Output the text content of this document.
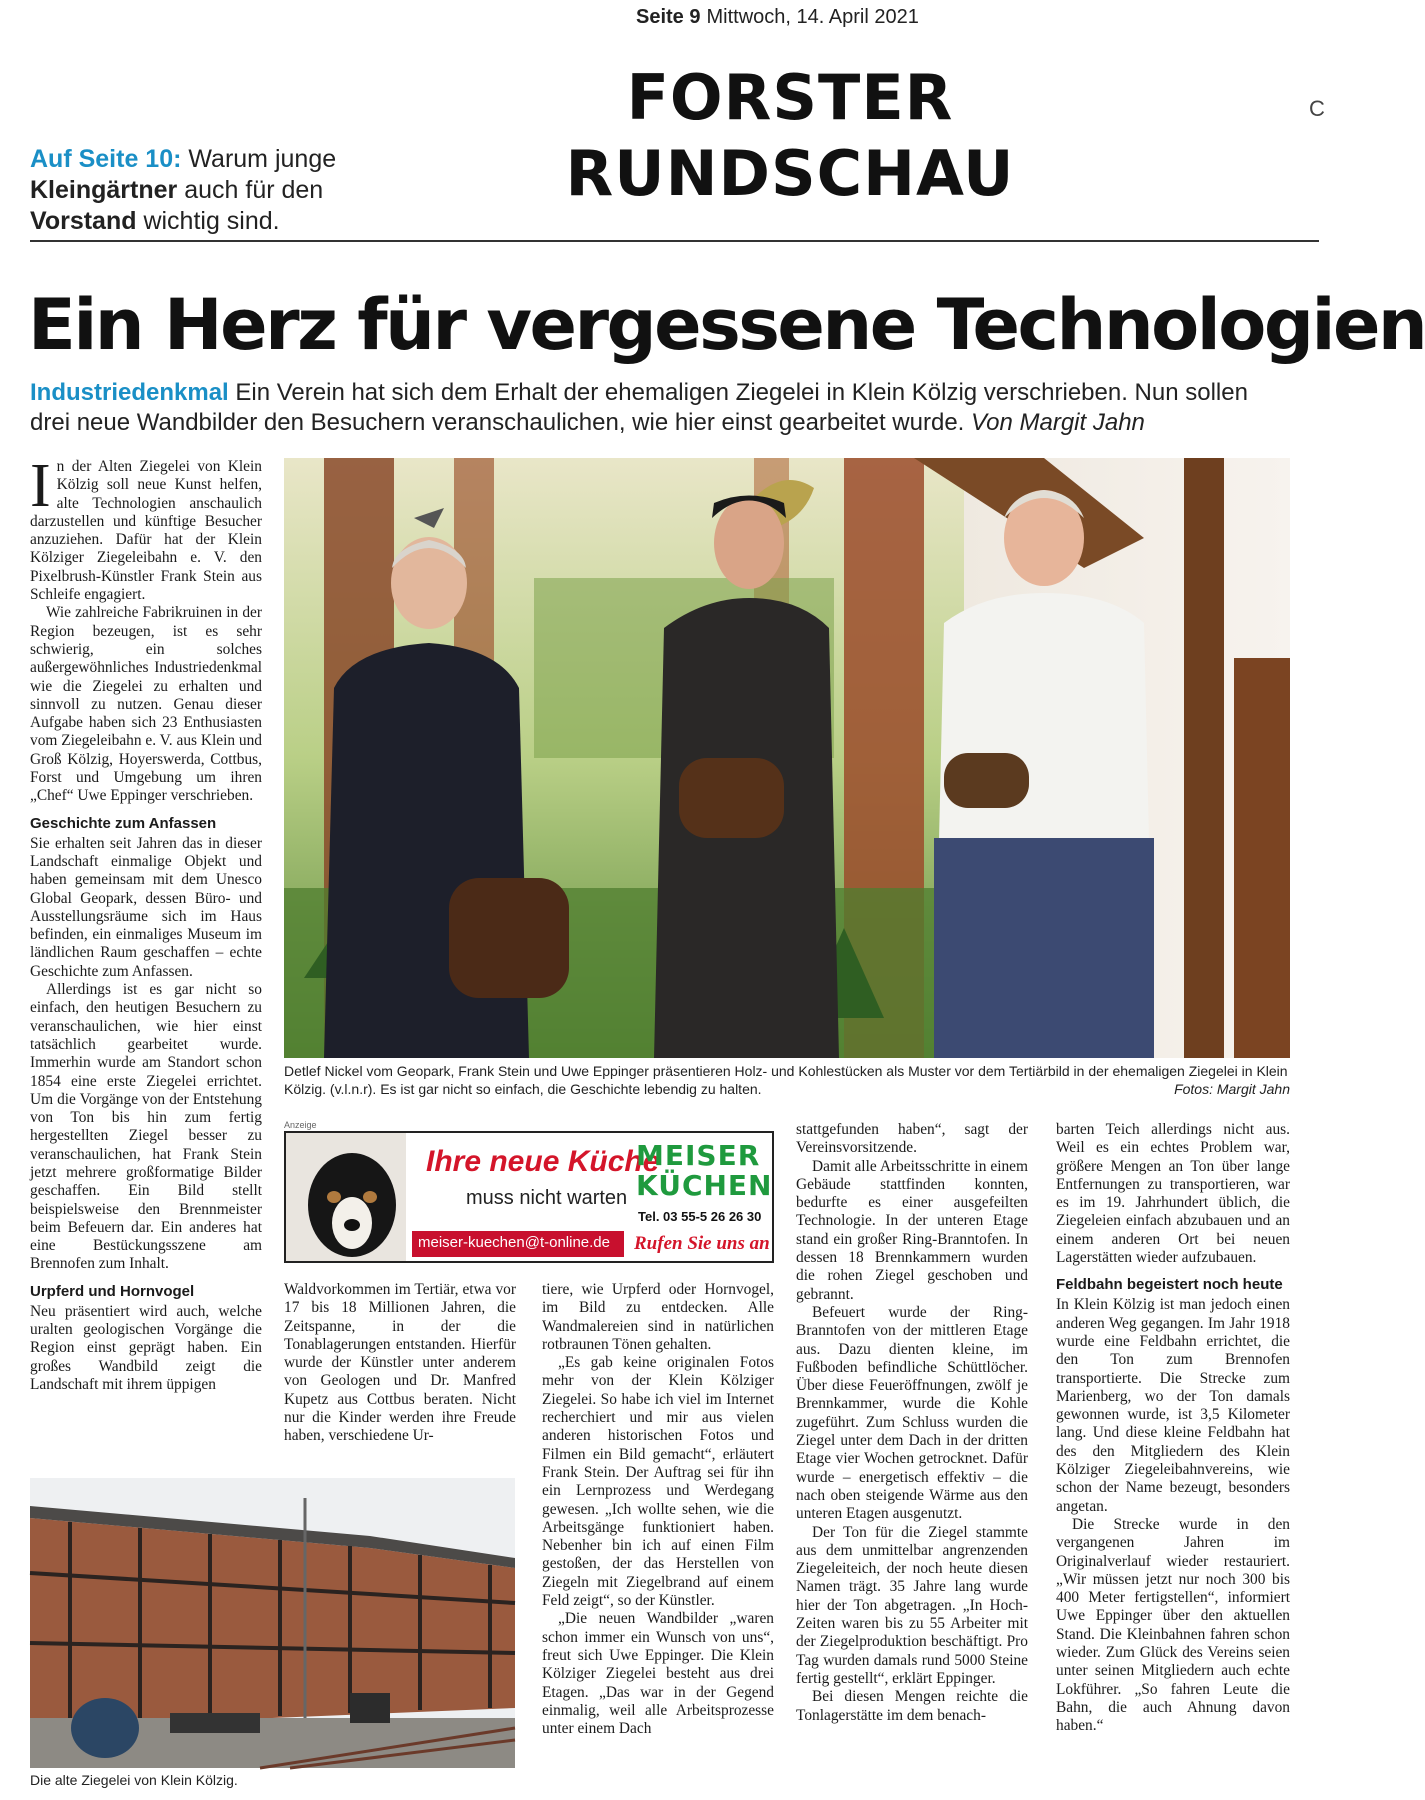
Seite 9 Mittwoch, 14. April 2021
FORSTER
RUNDSCHAU
C
Auf Seite 10: Warum junge Kleingärtner auch für den Vorstand wichtig sind.
Ein Herz für vergessene Technologien
Industriedenkmal Ein Verein hat sich dem Erhalt der ehemaligen Ziegelei in Klein Kölzig verschrieben. Nun sollen drei neue Wandbilder den Besuchern veranschaulichen, wie hier einst gearbeitet wurde. Von Margit Jahn

In der Alten Ziegelei von Klein Kölzig soll neue Kunst helfen, alte Technologien anschaulich darzustellen und künftige Besucher anzuziehen. Dafür hat der Klein Kölziger Ziegeleibahn e. V. den Pixelbrush-Künstler Frank Stein aus Schleife engagiert.

Wie zahlreiche Fabrikruinen in der Region bezeugen, ist es sehr schwierig, ein solches außergewöhnliches Industriedenkmal wie die Ziegelei zu erhalten und sinnvoll zu nutzen. Genau dieser Aufgabe haben sich 23 Enthusiasten vom Ziegeleibahn e. V. aus Klein und Groß Kölzig, Hoyerswerda, Cottbus, Forst und Umgebung um ihren „Chef“ Uwe Eppinger verschrieben.

Geschichte zum Anfassen

Sie erhalten seit Jahren das in dieser Landschaft einmalige Objekt und haben gemeinsam mit dem Unesco Global Geopark, dessen Büro- und Ausstellungsräume sich im Haus befinden, ein einmaliges Museum im ländlichen Raum geschaffen – echte Geschichte zum Anfassen.

Allerdings ist es gar nicht so einfach, den heutigen Besuchern zu veranschaulichen, wie hier einst tatsächlich gearbeitet wurde. Immerhin wurde am Standort schon 1854 eine erste Ziegelei errichtet. Um die Vorgänge von der Entstehung von Ton bis hin zum fertig hergestellten Ziegel besser zu veranschaulichen, hat Frank Stein jetzt mehrere großformatige Bilder geschaffen. Ein Bild stellt beispielsweise den Brennmeister beim Befeuern dar. Ein anderes hat eine Bestückungsszene am Brennofen zum Inhalt.

Urpferd und Hornvogel

Neu präsentiert wird auch, welche uralten geologischen Vorgänge die Region einst geprägt haben. Ein großes Wandbild zeigt die Landschaft mit ihrem üppigen

Detlef Nickel vom Geopark, Frank Stein und Uwe Eppinger präsentieren Holz- und Kohlestücken als Muster vor dem Tertiärbild in der ehemaligen Ziegelei in Klein Kölzig. (v.l.n.r). Es ist gar nicht so einfach, die Geschichte lebendig zu halten.	Fotos: Margit Jahn
Anzeige
Ihre neue Küche
muss nicht warten
MEISER
KÜCHEN
Tel. 03 55-5 26 26 30
meiser-kuechen@t-online.de Rufen Sie uns an

Waldvorkommen im Tertiär, etwa vor 17 bis 18 Millionen Jahren, die Zeitspanne, in der die Tonablagerungen entstanden. Hierfür wurde der Künstler unter anderem von Geologen und Dr. Manfred Kupetz aus Cottbus beraten. Nicht nur die Kinder werden ihre Freude haben, verschiedene Ur-

tiere, wie Urpferd oder Hornvogel, im Bild zu entdecken. Alle Wandmalereien sind in natürlichen rotbraunen Tönen gehalten.

„Es gab keine originalen Fotos mehr von der Klein Kölziger Ziegelei. So habe ich viel im Internet recherchiert und mir aus vielen anderen historischen Fotos und Filmen ein Bild gemacht“, erläutert Frank Stein. Der Auftrag sei für ihn ein Lernprozess und Werdegang gewesen. „Ich wollte sehen, wie die Arbeitsgänge funktioniert haben. Nebenher bin ich auf einen Film gestoßen, der das Herstellen von Ziegeln mit Ziegelbrand auf einem Feld zeigt“, so der Künstler.

„Die neuen Wandbilder „waren schon immer ein Wunsch von uns“, freut sich Uwe Eppinger. Die Klein Kölziger Ziegelei besteht aus drei Etagen. „Das war in der Gegend einmalig, weil alle Arbeitsprozesse unter einem Dach

stattgefunden haben“, sagt der Vereinsvorsitzende.

Damit alle Arbeitsschritte in einem Gebäude stattfinden konnten, bedurfte es einer ausgefeilten Technologie. In der unteren Etage stand ein großer Ring-Branntofen. In dessen 18 Brennkammern wurden die rohen Ziegel geschoben und gebrannt.

Befeuert wurde der Ring-Branntofen von der mittleren Etage aus. Dazu dienten kleine, im Fußboden befindliche Schüttlöcher. Über diese Feueröffnungen, zwölf je Brennkammer, wurde die Kohle zugeführt. Zum Schluss wurden die Ziegel unter dem Dach in der dritten Etage vier Wochen getrocknet. Dafür wurde – energetisch effektiv – die nach oben steigende Wärme aus den unteren Etagen ausgenutzt.

Der Ton für die Ziegel stammte aus dem unmittelbar angrenzenden Ziegeleiteich, der noch heute diesen Namen trägt. 35 Jahre lang wurde hier der Ton abgetragen. „In Hoch-Zeiten waren bis zu 55 Arbeiter mit der Ziegelproduktion beschäftigt. Pro Tag wurden damals rund 5000 Steine fertig gestellt“, erklärt Eppinger.

Bei diesen Mengen reichte die Tonlagerstätte im dem benach-

barten Teich allerdings nicht aus. Weil es ein echtes Problem war, größere Mengen an Ton über lange Entfernungen zu transportieren, war es im 19. Jahrhundert üblich, die Ziegeleien einfach abzubauen und an einem anderen Ort bei neuen Lagerstätten wieder aufzubauen.

Feldbahn begeistert noch heute

In Klein Kölzig ist man jedoch einen anderen Weg gegangen. Im Jahr 1918 wurde eine Feldbahn errichtet, die den Ton zum Brennofen transportierte. Die Strecke zum Marienberg, wo der Ton damals gewonnen wurde, ist 3,5 Kilometer lang. Und diese kleine Feldbahn hat des den Mitgliedern des Klein Kölziger Ziegeleibahnvereins, wie schon der Name bezeugt, besonders angetan.

Die Strecke wurde in den vergangenen Jahren im Originalverlauf wieder restauriert. „Wir müssen jetzt nur noch 300 bis 400 Meter fertigstellen“, informiert Uwe Eppinger über den aktuellen Stand. Die Kleinbahnen fahren schon wieder. Zum Glück des Vereins seien unter seinen Mitgliedern auch echte Lokführer. „So fahren Leute die Bahn, die auch Ahnung davon haben.“

Die alte Ziegelei von Klein Kölzig.
